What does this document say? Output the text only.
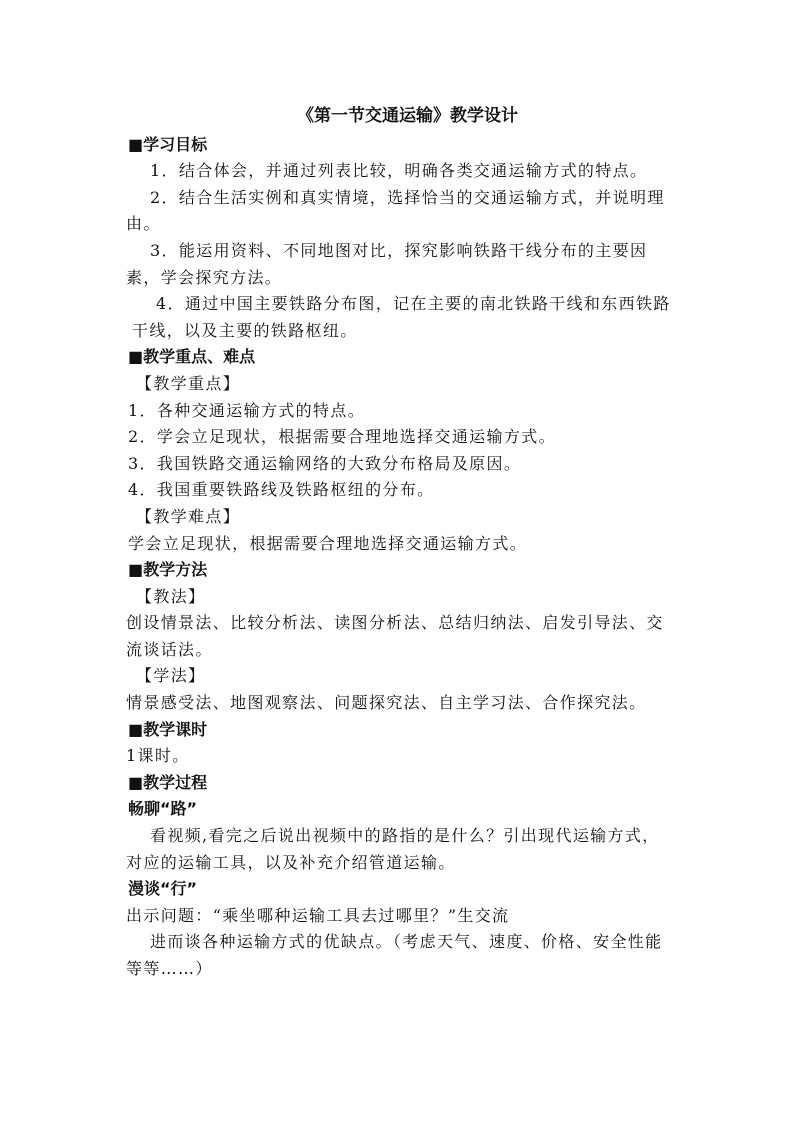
《第一节交通运输》教学设计
■学习目标
1．结合体会，并通过列表比较，明确各类交通运输方式的特点。
2．结合生活实例和真实情境，选择恰当的交通运输方式，并说明理由。
3．能运用资料、不同地图对比，探究影响铁路干线分布的主要因素，学会探究方法。
4．通过中国主要铁路分布图，记在主要的南北铁路干线和东西铁路干线，以及主要的铁路枢纽。
■教学重点、难点
【教学重点】
1．各种交通运输方式的特点。
2．学会立足现状，根据需要合理地选择交通运输方式。
3．我国铁路交通运输网络的大致分布格局及原因。
4．我国重要铁路线及铁路枢纽的分布。
【教学难点】
学会立足现状，根据需要合理地选择交通运输方式。
■教学方法
【教法】
创设情景法、比较分析法、读图分析法、总结归纳法、启发引导法、交流谈话法。
【学法】
情景感受法、地图观察法、问题探究法、自主学习法、合作探究法。
■教学课时
1课时。
■教学过程
畅聊“路”
看视频,看完之后说出视频中的路指的是什么？引出现代运输方式，对应的运输工具，以及补充介绍管道运输。
漫谈“行”
出示问题：“乘坐哪种运输工具去过哪里？”生交流
进而谈各种运输方式的优缺点。（考虑天气、速度、价格、安全性能等等……）
